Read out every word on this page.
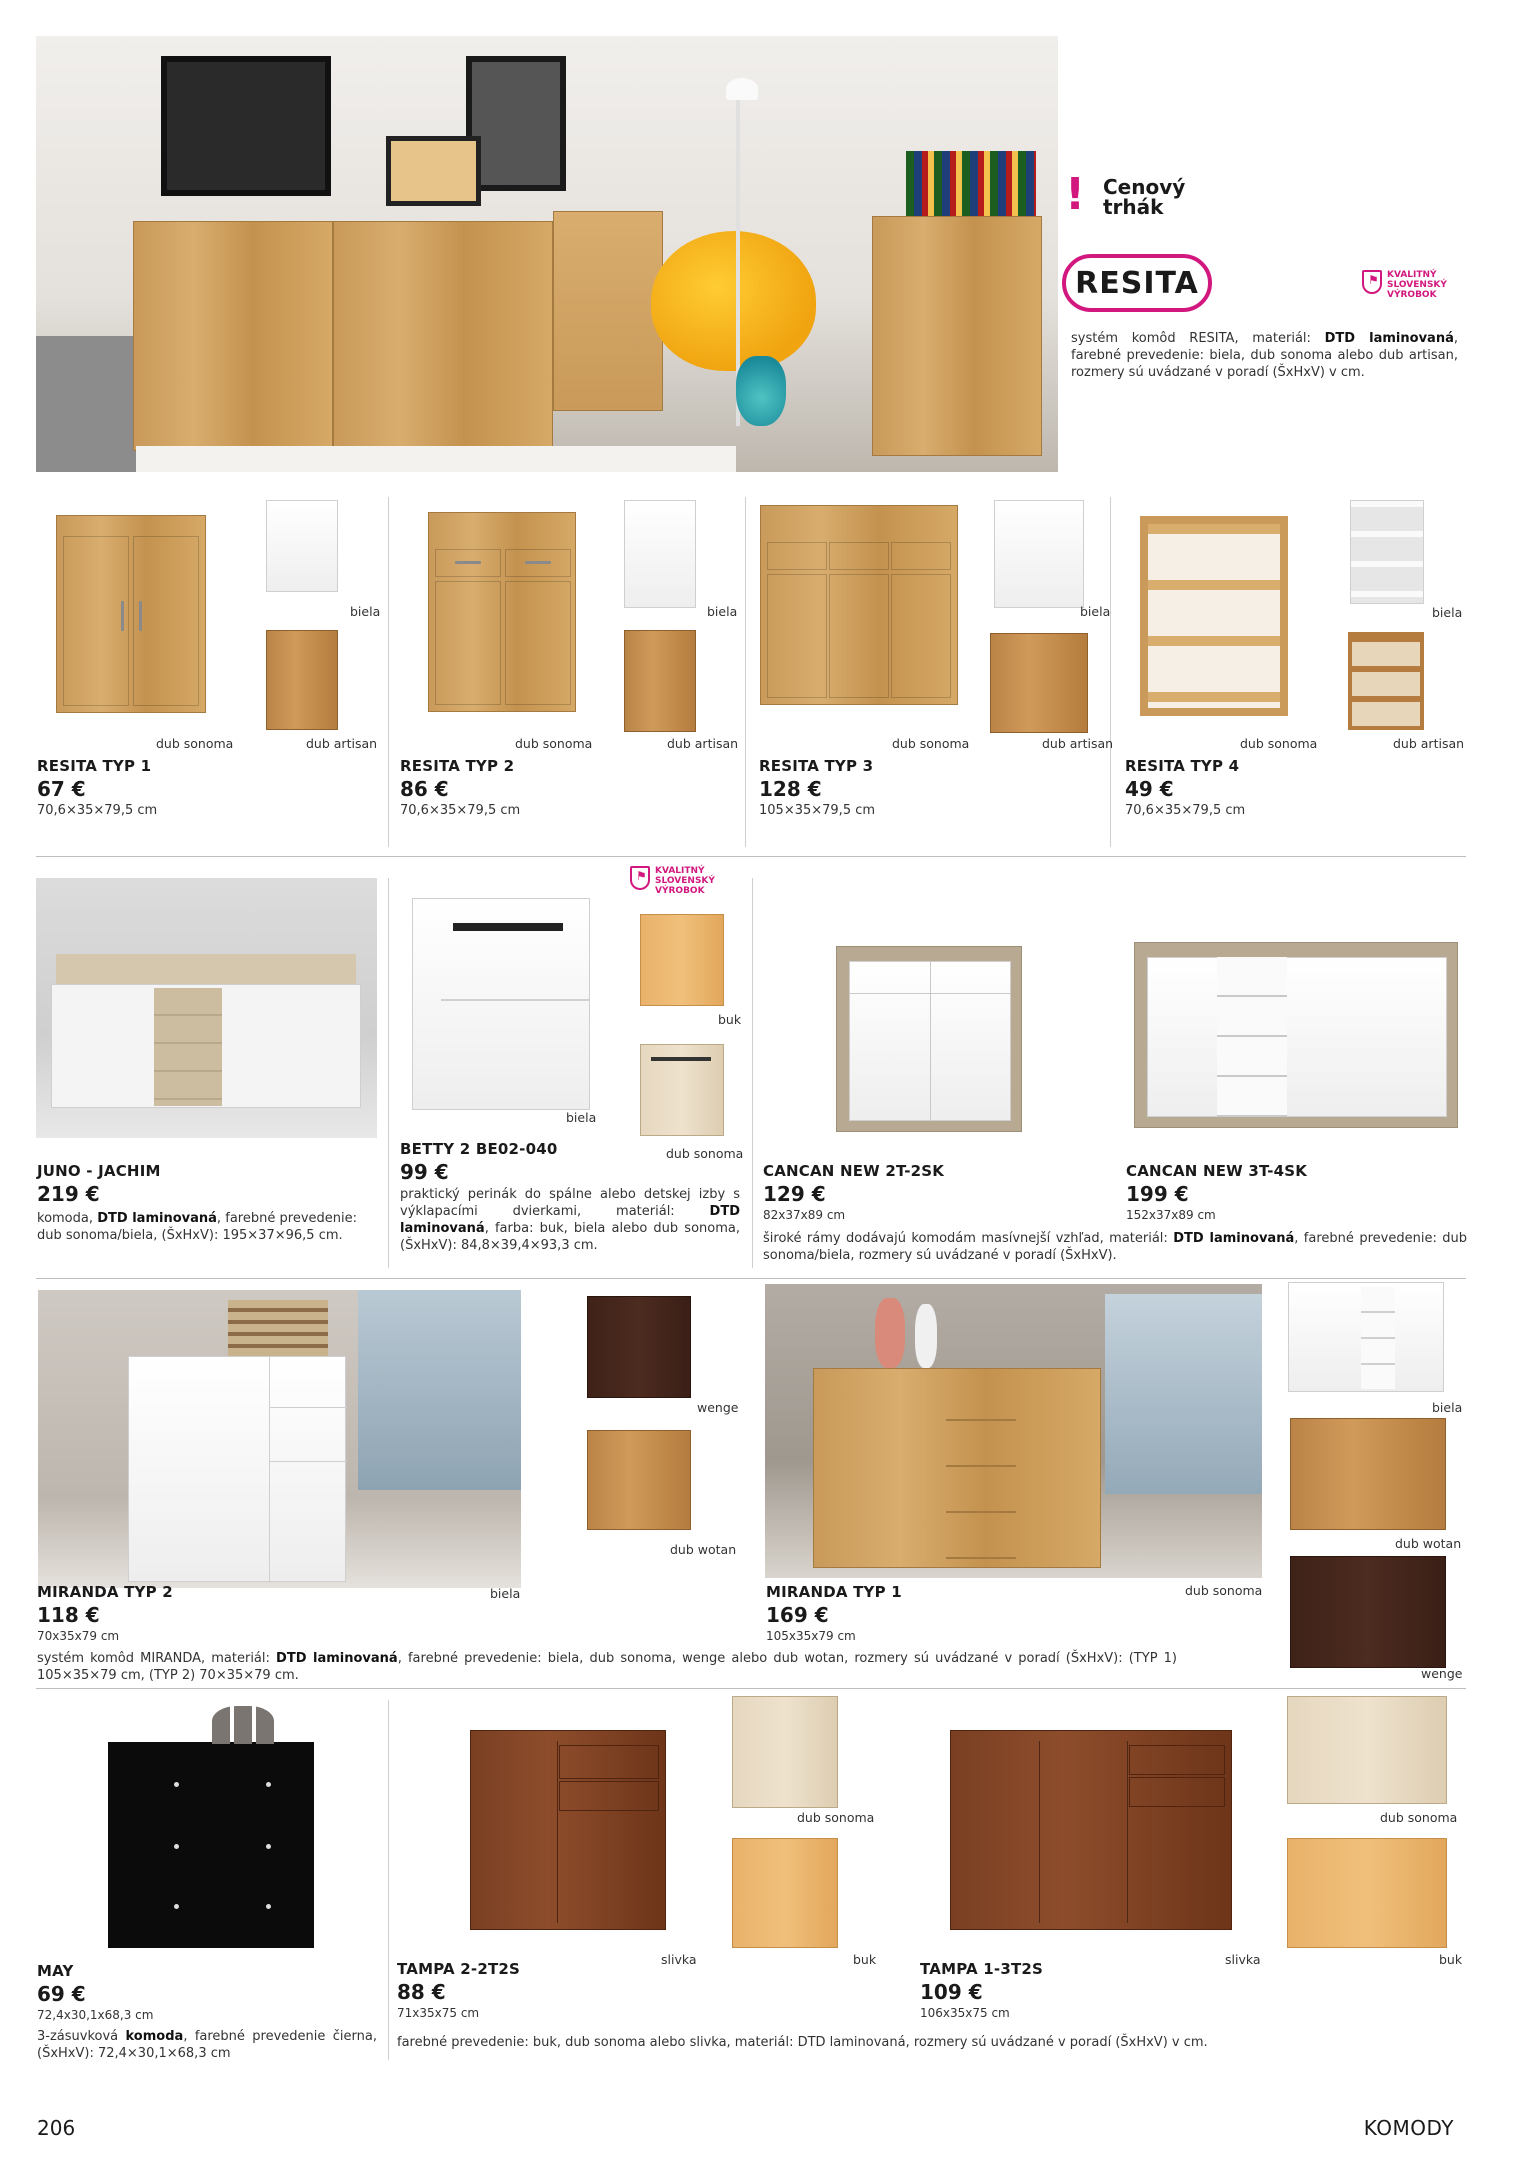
! Cenový
trhák
RESITA	⚑ KVALITNÝ
SLOVENSKÝ
VÝROBOK
systém komôd RESITA, materiál: DTD laminovaná, farebné prevedenie: biela, dub sonoma alebo dub artisan, rozmery sú uvádzané v poradí (ŠxHxV) v cm.
biela
dub sonoma	dub artisan
RESITA TYP 1
67 €
70,6×35×79,5 cm
biela
dub sonoma	dub artisan
RESITA TYP 2
86 €
70,6×35×79,5 cm
biela
dub sonoma	dub artisan
RESITA TYP 3
128 €
105×35×79,5 cm
biela
dub sonoma	dub artisan
RESITA TYP 4
49 €
70,6×35×79,5 cm
JUNO - JACHIM
219 €
komoda, DTD laminovaná, farebné prevedenie: dub sonoma/biela, (ŠxHxV): 195×37×96,5 cm.
⚑ KVALITNÝ
SLOVENSKÝ
VÝROBOK
biela
buk
dub sonoma
BETTY 2 BE02-040
99 €
praktický perinák do spálne alebo detskej izby s výklapacími dvierkami, materiál: DTD laminovaná, farba: buk, biela alebo dub sonoma, (ŠxHxV): 84,8×39,4×93,3 cm.
CANCAN NEW 2T-2SK
129 €
82x37x89 cm
CANCAN NEW 3T-4SK
199 €
152x37x89 cm
široké rámy dodávajú komodám masívnejší vzhľad, materiál: DTD laminovaná, farebné prevedenie: dub sonoma/biela, rozmery sú uvádzané v poradí (ŠxHxV).
biela
wenge
dub wotan
MIRANDA TYP 2
118 €
70x35x79 cm
dub sonoma
biela
dub wotan
wenge
MIRANDA TYP 1
169 €
105x35x79 cm
systém komôd MIRANDA, materiál: DTD laminovaná, farebné prevedenie: biela, dub sonoma, wenge alebo dub wotan, rozmery sú uvádzané v poradí (ŠxHxV): (TYP 1) 105×35×79 cm, (TYP 2) 70×35×79 cm.
MAY
69 €
72,4x30,1x68,3 cm
3-zásuvková komoda, farebné prevedenie čierna, (ŠxHxV): 72,4×30,1×68,3 cm
slivka
dub sonoma
buk
TAMPA 2-2T2S
88 €
71x35x75 cm
slivka
dub sonoma
buk
TAMPA 1-3T2S
109 €
106x35x75 cm
farebné prevedenie: buk, dub sonoma alebo slivka, materiál: DTD laminovaná, rozmery sú uvádzané v poradí (ŠxHxV) v cm.
206	KOMODY
